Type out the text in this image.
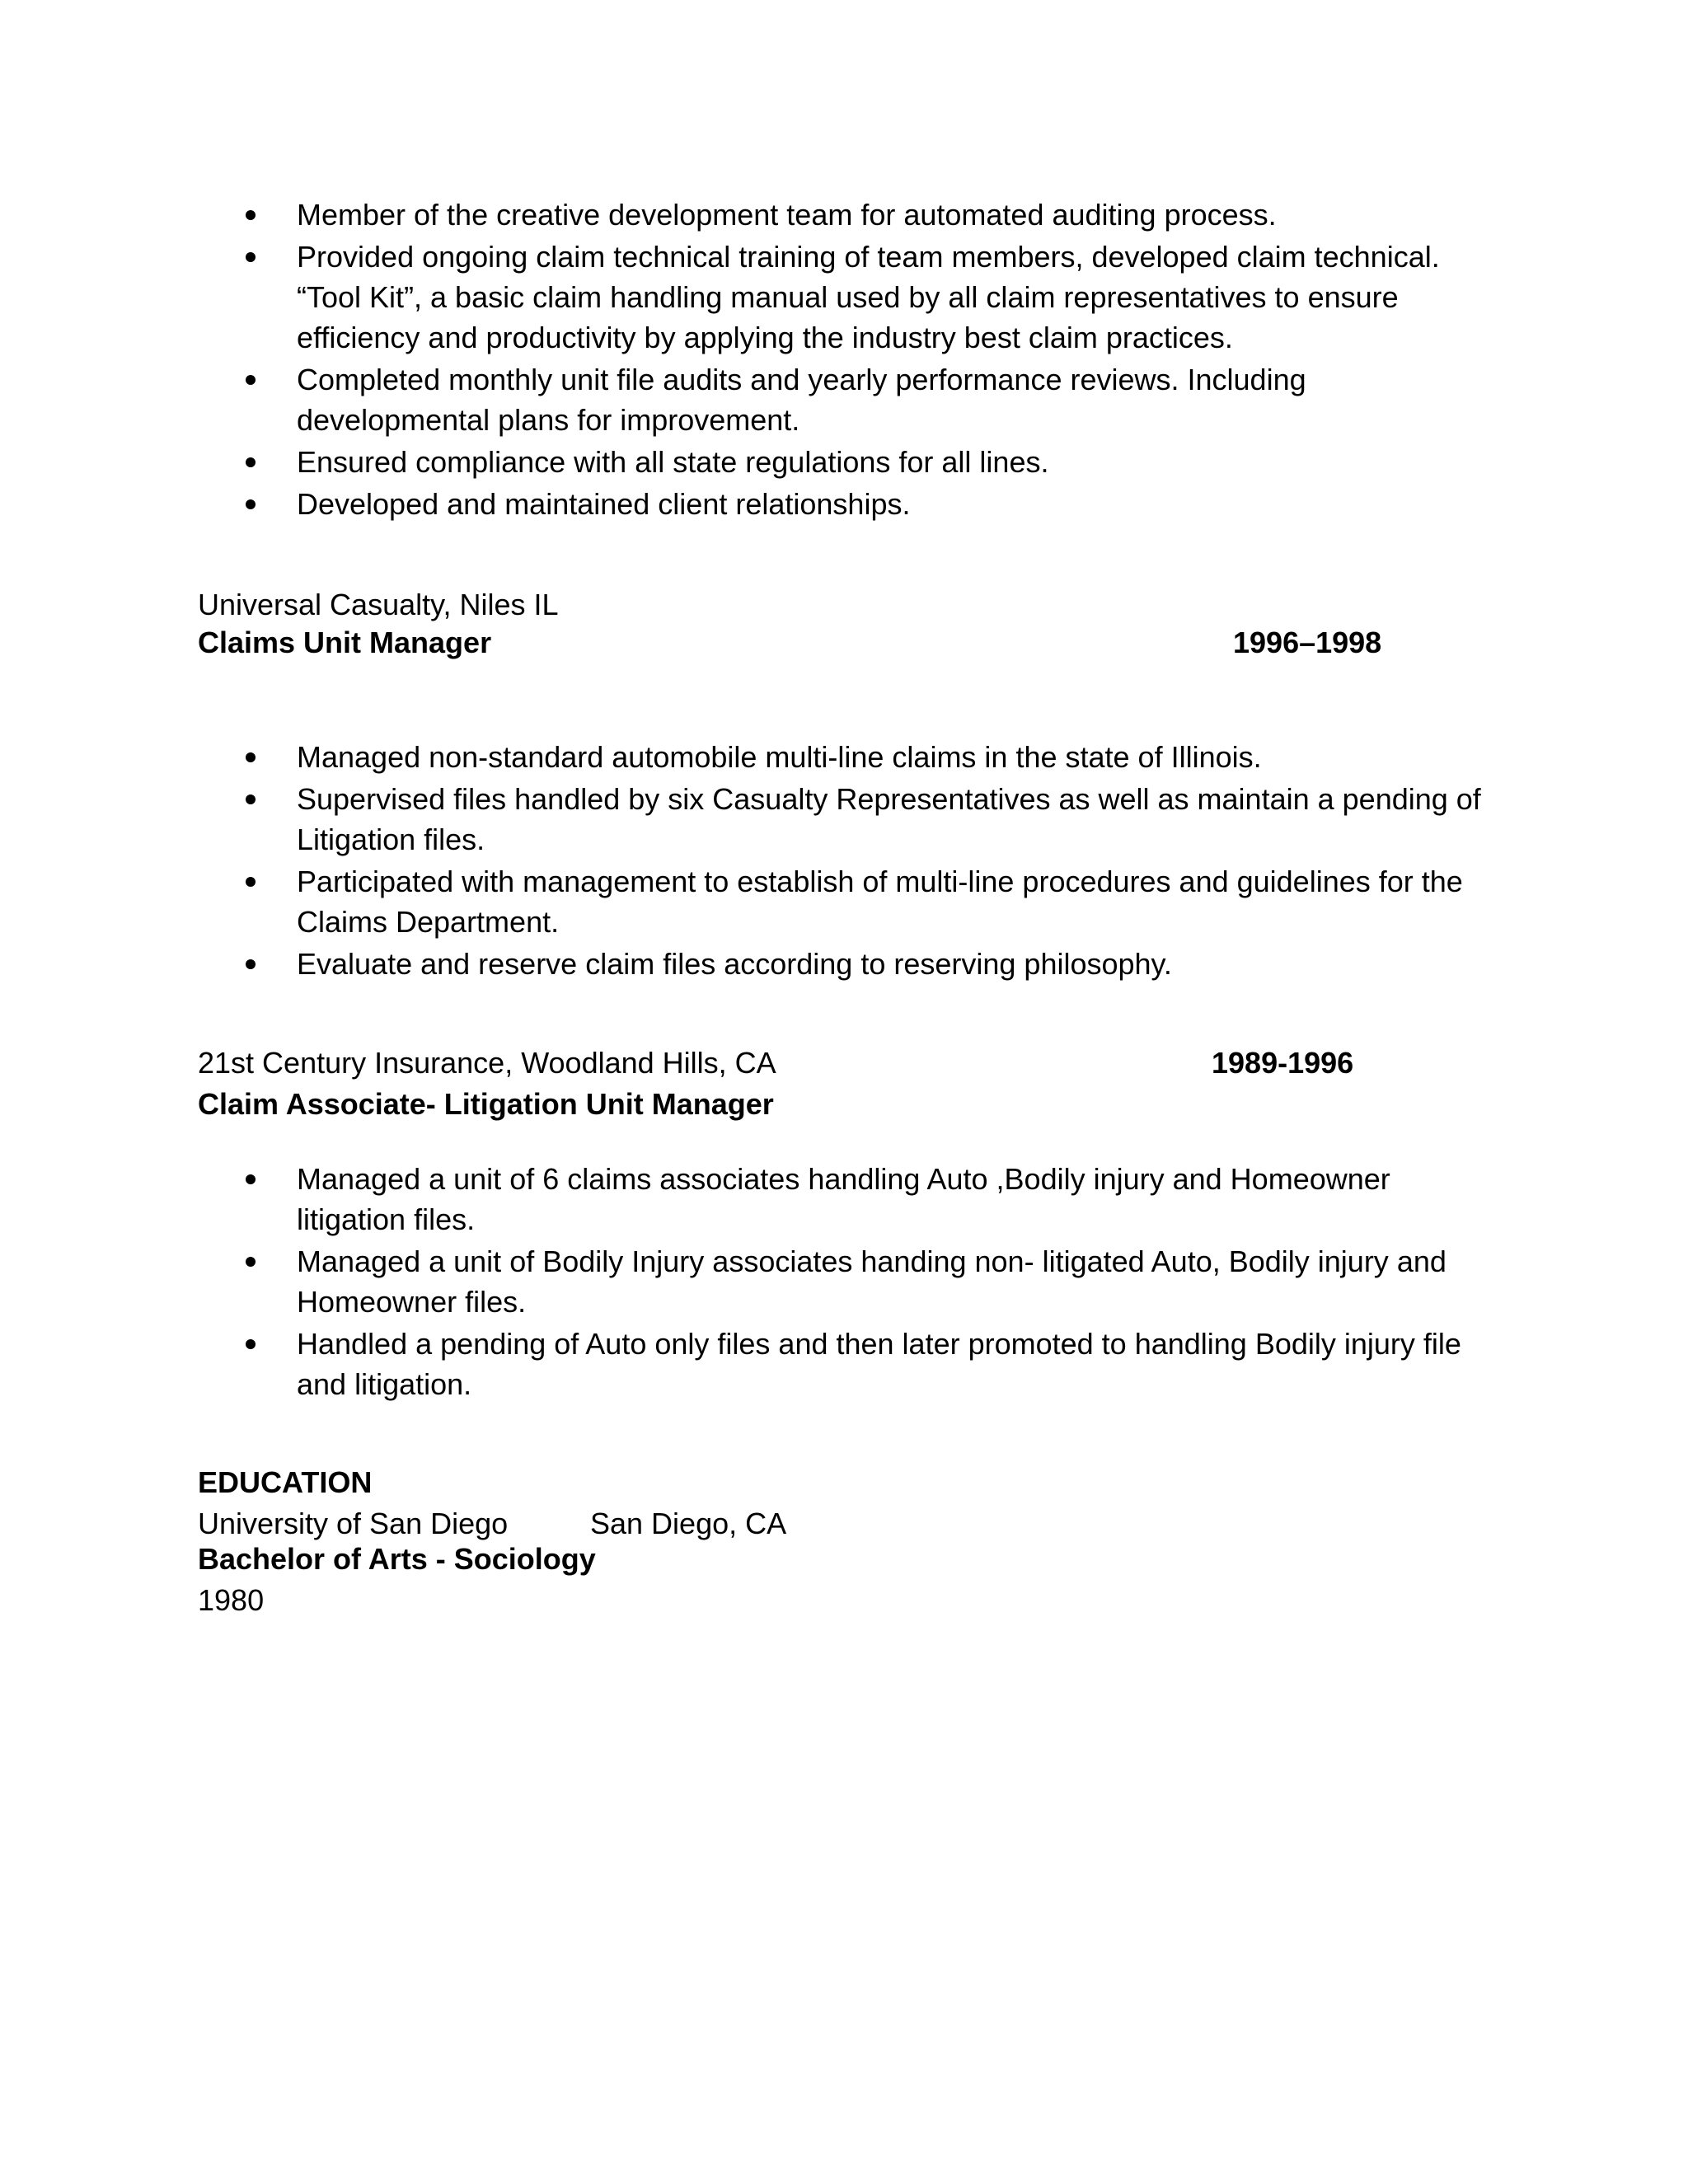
Member of the creative development team for automated auditing process.
Provided ongoing claim technical training of team members, developed claim technical. “Tool Kit”, a basic claim handling manual used by all claim representatives to ensure efficiency and productivity by applying the industry best claim practices.
Completed monthly unit file audits and yearly performance reviews. Including developmental plans for improvement.
Ensured compliance with all state regulations for all lines.
Developed and maintained client relationships.
Universal Casualty, Niles IL
Claims Unit Manager	1996–1998
Managed non-standard automobile multi-line claims in the state of Illinois.
Supervised files handled by six Casualty Representatives as well as maintain a pending of Litigation files.
Participated with management to establish of multi-line procedures and guidelines for the Claims Department.
Evaluate and reserve claim files according to reserving philosophy.
21st Century Insurance, Woodland Hills, CA	1989-1996
Claim Associate- Litigation Unit Manager
Managed a unit of 6 claims associates handling Auto ,Bodily injury and Homeowner litigation files.
Managed a unit of Bodily Injury associates handing non- litigated Auto, Bodily injury and Homeowner files.
Handled a pending of Auto only files and then later promoted to handling Bodily injury file and litigation.
EDUCATION
University of San Diego	San Diego, CA
Bachelor of Arts - Sociology
1980
